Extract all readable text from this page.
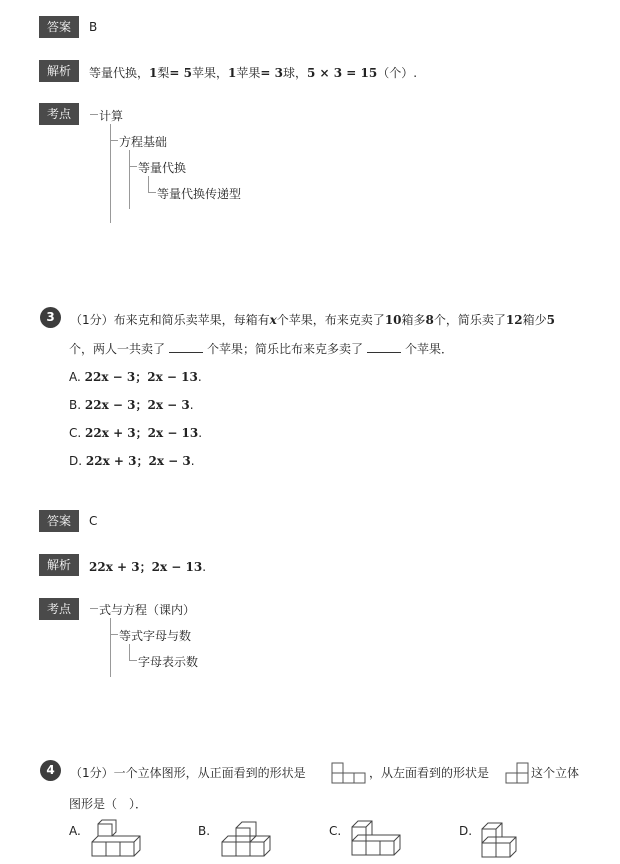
答案	B
解析	等量代换，1梨= 5苹果，1苹果= 3球，5 × 3 = 15（个）.
考点	计算
方程基础
等量代换
等量代换传递型
3	（1分）布来克和简乐卖苹果，每箱有x个苹果，布来克卖了10箱多8个，简乐卖了12箱少5
个，两人一共卖了	个苹果；简乐比布来克多卖了	个苹果．
A. 22x − 3；2x − 13.
B. 22x − 3；2x − 3.
C. 22x + 3；2x − 13.
D. 22x + 3；2x − 3.
答案	C
解析	22x + 3；2x − 13.
考点	式与方程（课内）
等式字母与数
字母表示数
4	（1分）一个立体图形，从正面看到的形状是	，从左面看到的形状是	这个立体
图形是（　）．
A.	B.	C.	D.
